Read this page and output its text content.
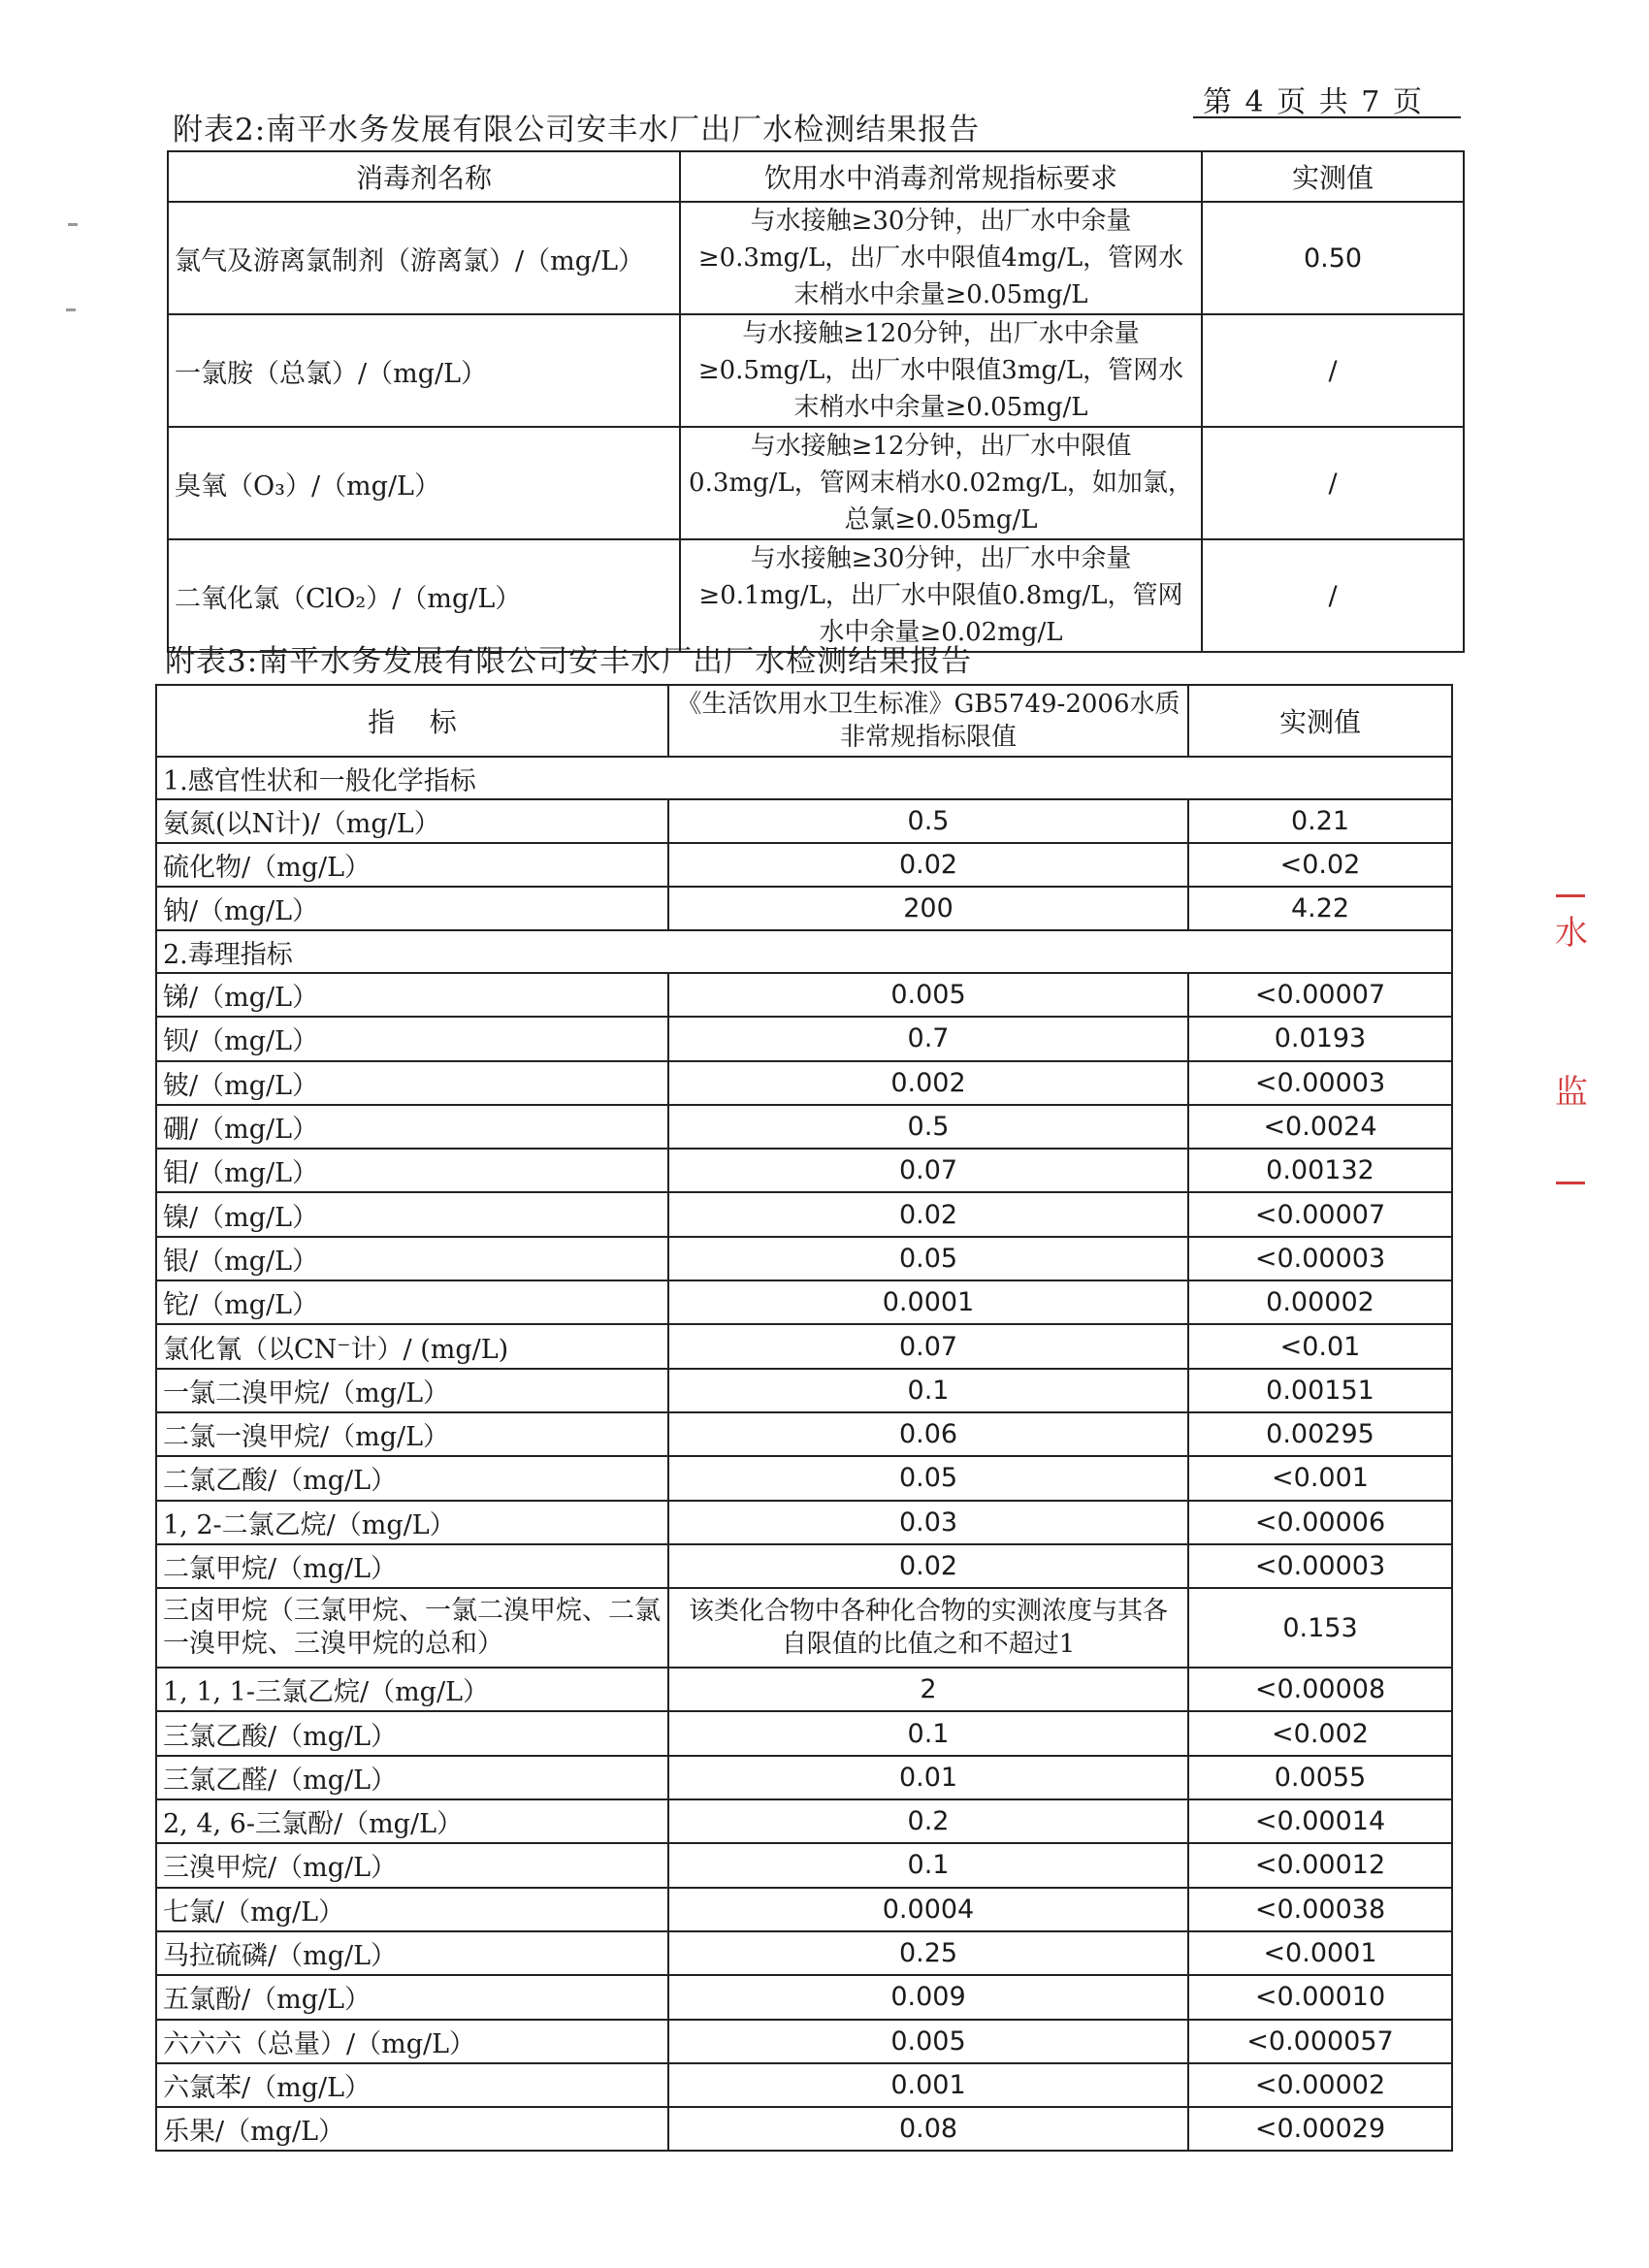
第 4 页 共 7 页
附表2:南平水务发展有限公司安丰水厂出厂水检测结果报告
消毒剂名称	饮用水中消毒剂常规指标要求	实测值
氯气及游离氯制剂（游离氯）/（mg/L）	与水接触≥30分钟，出厂水中余量≥0.3mg/L，出厂水中限值4mg/L，管网水末梢水中余量≥0.05mg/L	0.50
一氯胺（总氯）/（mg/L）	与水接触≥120分钟，出厂水中余量≥0.5mg/L，出厂水中限值3mg/L，管网水末梢水中余量≥0.05mg/L	/
臭氧（O₃）/（mg/L）	与水接触≥12分钟，出厂水中限值0.3mg/L，管网末梢水0.02mg/L，如加氯，总氯≥0.05mg/L	/
二氧化氯（ClO₂）/（mg/L）	与水接触≥30分钟，出厂水中余量≥0.1mg/L，出厂水中限值0.8mg/L，管网水中余量≥0.02mg/L	/
附表3:南平水务发展有限公司安丰水厂出厂水检测结果报告
指    标	《生活饮用水卫生标准》GB5749-2006水质非常规指标限值	实测值
1.感官性状和一般化学指标		
氨氮(以N计)/（mg/L）	0.5	0.21
硫化物/（mg/L）	0.02	<0.02
钠/（mg/L）	200	4.22
2.毒理指标		
锑/（mg/L）	0.005	<0.00007
钡/（mg/L）	0.7	0.0193
铍/（mg/L）	0.002	<0.00003
硼/（mg/L）	0.5	<0.0024
钼/（mg/L）	0.07	0.00132
镍/（mg/L）	0.02	<0.00007
银/（mg/L）	0.05	<0.00003
铊/（mg/L）	0.0001	0.00002
氯化氰（以CN⁻计）/ (mg/L)	0.07	<0.01
一氯二溴甲烷/（mg/L）	0.1	0.00151
二氯一溴甲烷/（mg/L）	0.06	0.00295
二氯乙酸/（mg/L）	0.05	<0.001
1, 2-二氯乙烷/（mg/L）	0.03	<0.00006
二氯甲烷/（mg/L）	0.02	<0.00003
三卤甲烷（三氯甲烷、一氯二溴甲烷、二氯一溴甲烷、三溴甲烷的总和）	该类化合物中各种化合物的实测浓度与其各自限值的比值之和不超过1	0.153
1, 1, 1-三氯乙烷/（mg/L）	2	<0.00008
三氯乙酸/（mg/L）	0.1	<0.002
三氯乙醛/（mg/L）	0.01	0.0055
2, 4, 6-三氯酚/（mg/L）	0.2	<0.00014
三溴甲烷/（mg/L）	0.1	<0.00012
七氯/（mg/L）	0.0004	<0.00038
马拉硫磷/（mg/L）	0.25	<0.0001
五氯酚/（mg/L）	0.009	<0.00010
六六六（总量）/（mg/L）	0.005	<0.000057
六氯苯/（mg/L）	0.001	<0.00002
乐果/（mg/L）	0.08	<0.00029
水
监
